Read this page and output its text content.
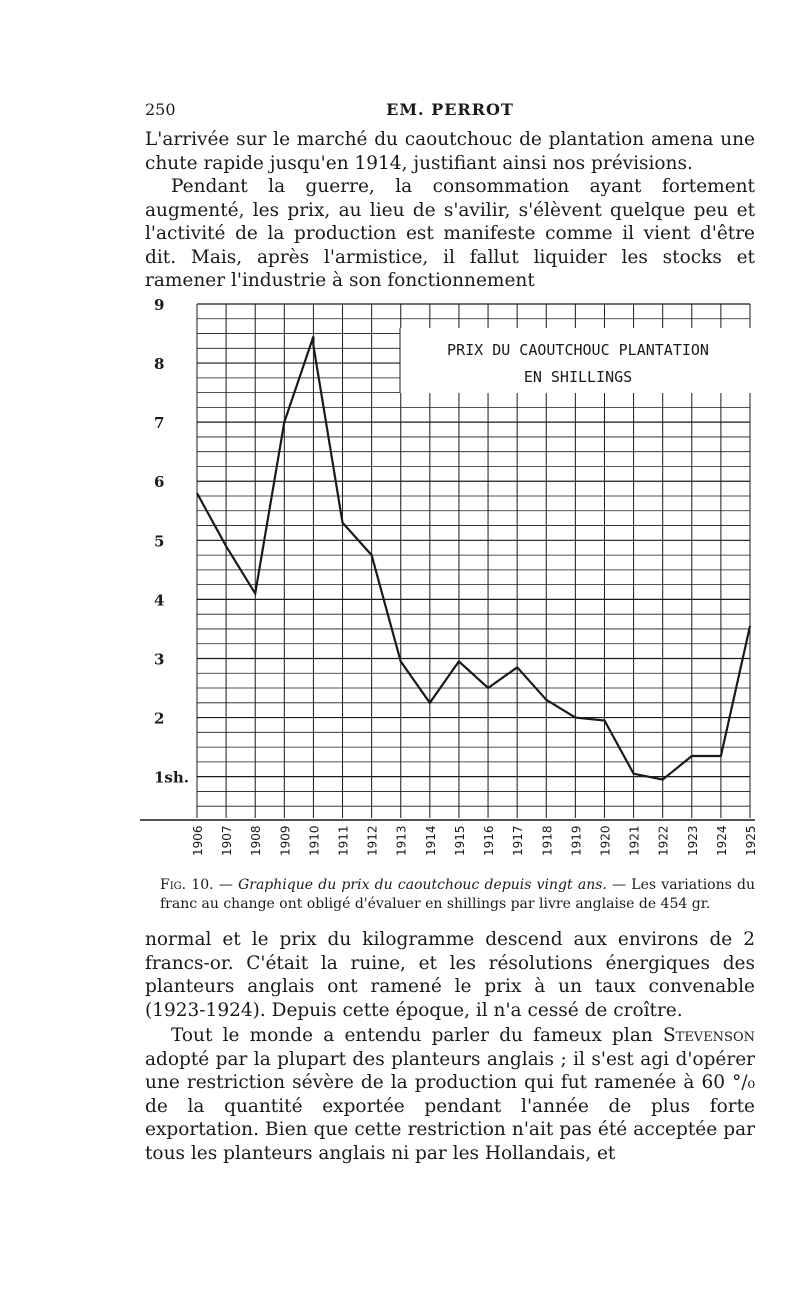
250	EM. PERROT
L'arrivée sur le marché du caoutchouc de plantation amena une chute rapide jusqu'en 1914, justifiant ainsi nos prévisions.
Pendant la guerre, la consommation ayant fortement augmenté, les prix, au lieu de s'avilir, s'élèvent quelque peu et l'activité de la production est manifeste comme il vient d'être dit. Mais, après l'armistice, il fallut liquider les stocks et ramener l'industrie à son fonctionnement
PRIX DU CAOUTCHOUC PLANTATION
EN SHILLINGS
1sh.
2
3
4
5
6
7
8
9
1906 1907 1908 1909 1910 1911 1912 1913 1914 1915 1916 1917 1918 1919 1920 1921 1922 1923 1924 1925
Fig. 10. — Graphique du prix du caoutchouc depuis vingt ans. — Les variations du franc au change ont obligé d'évaluer en shillings par livre anglaise de 454 gr.

normal et le prix du kilogramme descend aux environs de 2 francs-or. C'était la ruine, et les résolutions énergiques des planteurs anglais ont ramené le prix à un taux convenable (1923-1924). Depuis cette époque, il n'a cessé de croître.

Tout le monde a entendu parler du fameux plan Stevenson adopté par la plupart des planteurs anglais ; il s'est agi d'opérer une restriction sévère de la production qui fut ramenée à 60 °/₀ de la quantité exportée pendant l'année de plus forte exportation. Bien que cette restriction n'ait pas été acceptée par tous les planteurs anglais ni par les Hollandais, et
